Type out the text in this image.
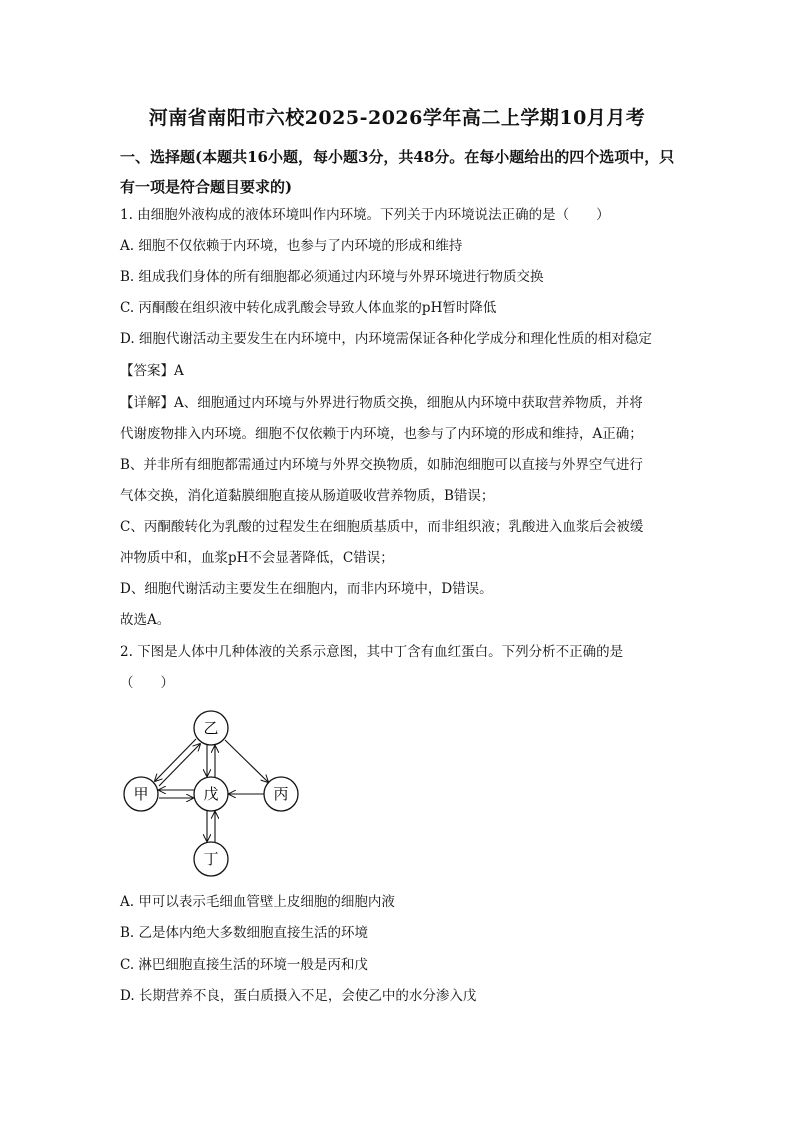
河南省南阳市六校2025-2026学年高二上学期10月月考
一、选择题(本题共16小题，每小题3分，共48分。在每小题给出的四个选项中，只有一项是符合题目要求的)
1. 由细胞外液构成的液体环境叫作内环境。下列关于内环境说法正确的是（　　）
A. 细胞不仅依赖于内环境，也参与了内环境的形成和维持
B. 组成我们身体的所有细胞都必须通过内环境与外界环境进行物质交换
C. 丙酮酸在组织液中转化成乳酸会导致人体血浆的pH暂时降低
D. 细胞代谢活动主要发生在内环境中，内环境需保证各种化学成分和理化性质的相对稳定
【答案】A
【详解】A、细胞通过内环境与外界进行物质交换，细胞从内环境中获取营养物质，并将
代谢废物排入内环境。细胞不仅依赖于内环境，也参与了内环境的形成和维持，A正确；
B、并非所有细胞都需通过内环境与外界交换物质，如肺泡细胞可以直接与外界空气进行
气体交换，消化道黏膜细胞直接从肠道吸收营养物质，B错误；
C、丙酮酸转化为乳酸的过程发生在细胞质基质中，而非组织液；乳酸进入血浆后会被缓
冲物质中和，血浆pH不会显著降低，C错误；
D、细胞代谢活动主要发生在细胞内，而非内环境中，D错误。
故选A。
2. 下图是人体中几种体液的关系示意图，其中丁含有血红蛋白。下列分析不正确的是
（　　）
乙
甲	戊	丙
丁
A. 甲可以表示毛细血管壁上皮细胞的细胞内液
B. 乙是体内绝大多数细胞直接生活的环境
C. 淋巴细胞直接生活的环境一般是丙和戊
D. 长期营养不良，蛋白质摄入不足，会使乙中的水分渗入戊
